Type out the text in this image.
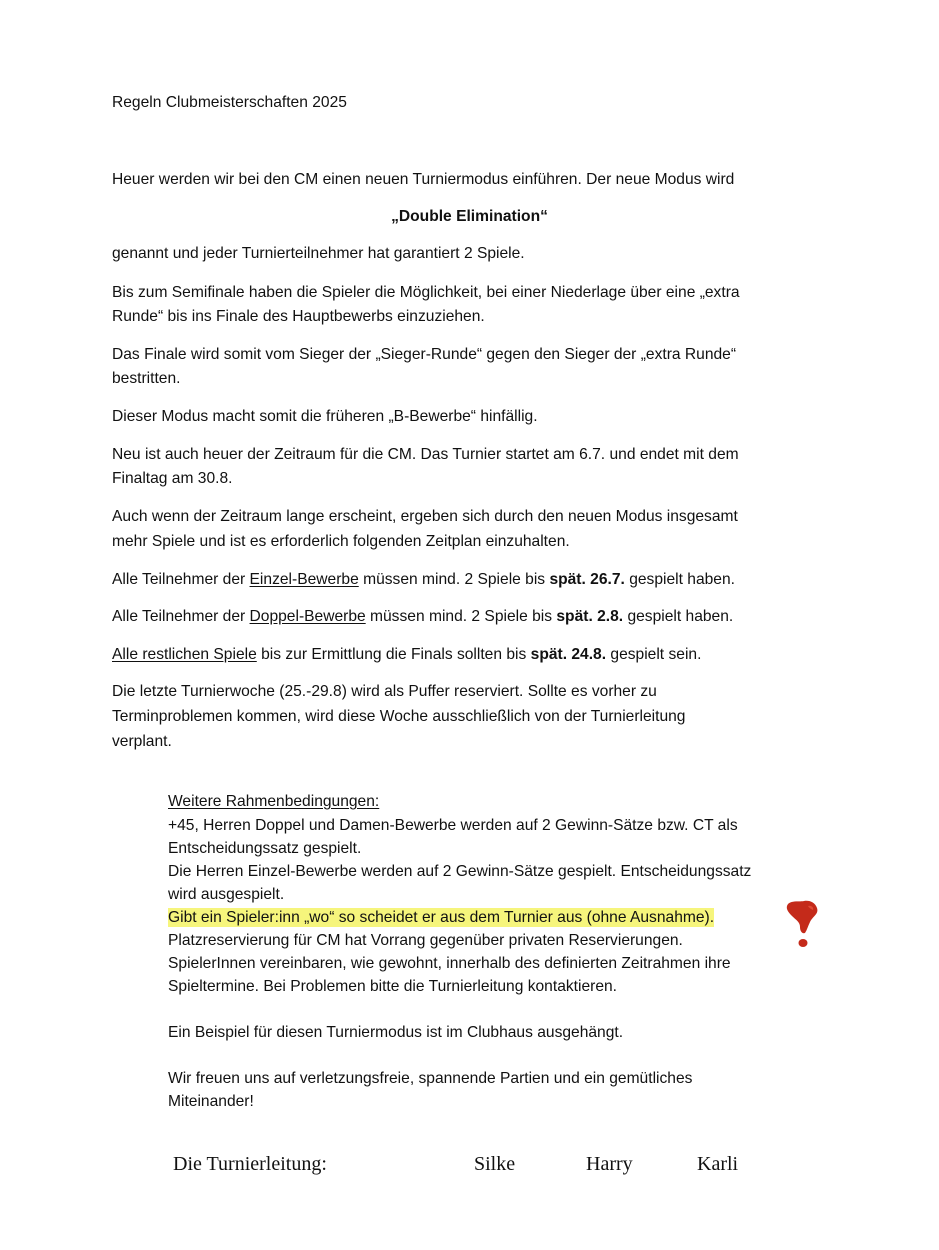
Regeln Clubmeisterschaften 2025

Heuer werden wir bei den CM einen neuen Turniermodus einführen. Der neue Modus wird

„Double Elimination“

genannt und jeder Turnierteilnehmer hat garantiert 2 Spiele.

Bis zum Semifinale haben die Spieler die Möglichkeit, bei einer Niederlage über eine „extra

Runde“ bis ins Finale des Hauptbewerbs einzuziehen.

Das Finale wird somit vom Sieger der „Sieger-Runde“ gegen den Sieger der „extra Runde“

bestritten.

Dieser Modus macht somit die früheren „B-Bewerbe“ hinfällig.

Neu ist auch heuer der Zeitraum für die CM. Das Turnier startet am 6.7. und endet mit dem

Finaltag am 30.8.

Auch wenn der Zeitraum lange erscheint, ergeben sich durch den neuen Modus insgesamt

mehr Spiele und ist es erforderlich folgenden Zeitplan einzuhalten.

Alle Teilnehmer der Einzel-Bewerbe müssen mind. 2 Spiele bis spät. 26.7. gespielt haben.

Alle Teilnehmer der Doppel-Bewerbe müssen mind. 2 Spiele bis spät. 2.8. gespielt haben.

Alle restlichen Spiele bis zur Ermittlung die Finals sollten bis spät. 24.8. gespielt sein.

Die letzte Turnierwoche (25.-29.8) wird als Puffer reserviert. Sollte es vorher zu

Terminproblemen kommen, wird diese Woche ausschließlich von der Turnierleitung

verplant.

Weitere Rahmenbedingungen:

+45, Herren Doppel und Damen-Bewerbe werden auf 2 Gewinn-Sätze bzw. CT als

Entscheidungssatz gespielt.

Die Herren Einzel-Bewerbe werden auf 2 Gewinn-Sätze gespielt. Entscheidungssatz

wird ausgespielt.

Gibt ein Spieler:inn „wo“ so scheidet er aus dem Turnier aus (ohne Ausnahme).

Platzreservierung für CM hat Vorrang gegenüber privaten Reservierungen.

SpielerInnen vereinbaren, wie gewohnt, innerhalb des definierten Zeitrahmen ihre

Spieltermine. Bei Problemen bitte die Turnierleitung kontaktieren.

Ein Beispiel für diesen Turniermodus ist im Clubhaus ausgehängt.

Wir freuen uns auf verletzungsfreie, spannende Partien und ein gemütliches

Miteinander!

Die Turnierleitung:	Silke	Harry	Karli
